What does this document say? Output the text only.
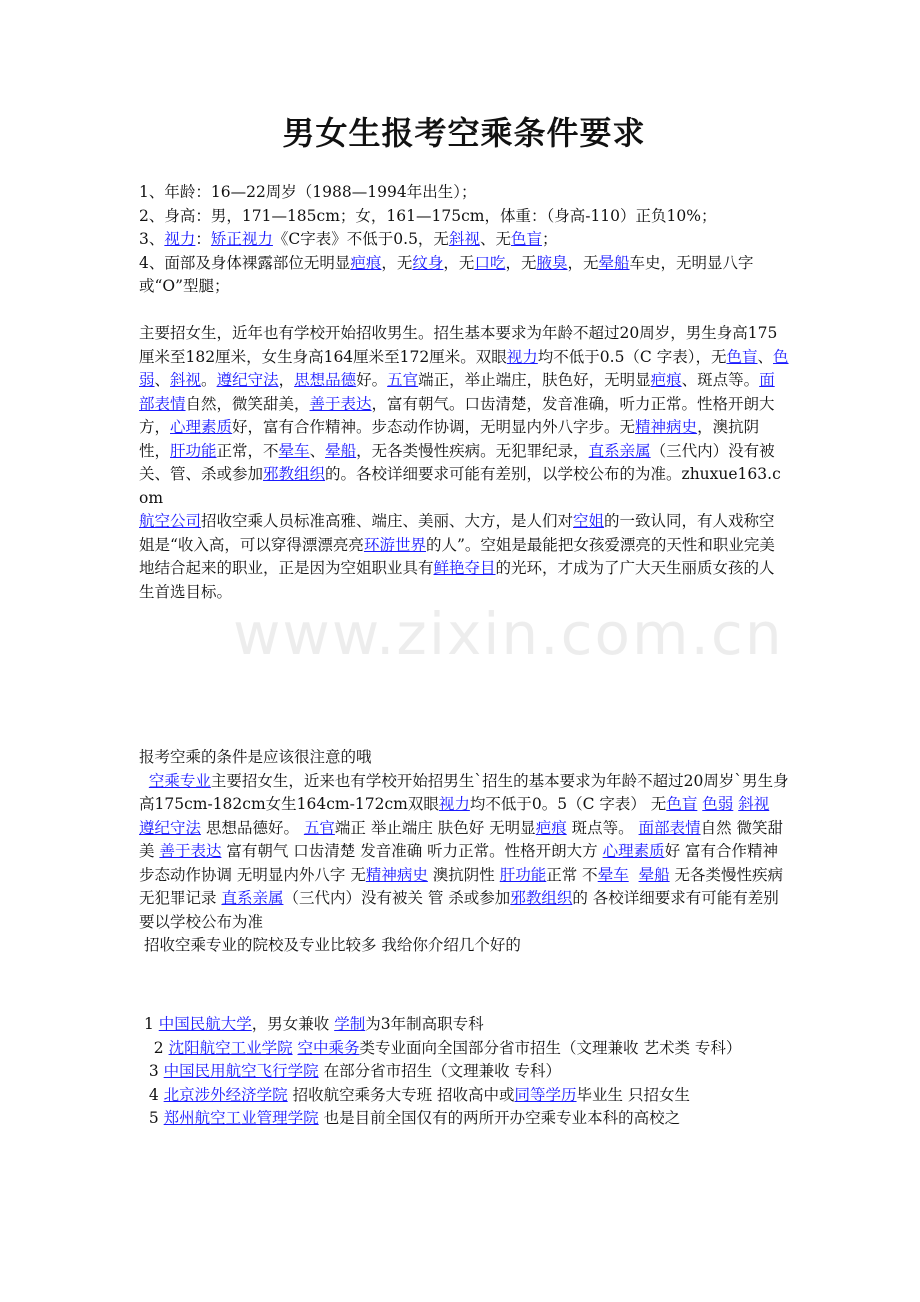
www.zixin.com.cn
男女生报考空乘条件要求

1、年龄：16—22周岁（1988—1994年出生）；

2、身高：男，171—185cm；女，161—175cm，体重：（身高-110）正负10%；

3、视力：矫正视力《C字表》不低于0.5，无斜视、无色盲；

4、面部及身体裸露部位无明显疤痕，无纹身，无口吃，无腋臭，无晕船车史，无明显八字或“O”型腿；

主要招女生，近年也有学校开始招收男生。招生基本要求为年龄不超过20周岁，男生身高175厘米至182厘米，女生身高164厘米至172厘米。双眼视力均不低于0.5（C 字表），无色盲、色弱、斜视。遵纪守法，思想品德好。五官端正，举止端庄，肤色好，无明显疤痕、斑点等。面部表情自然，微笑甜美，善于表达，富有朝气。口齿清楚，发音准确，听力正常。性格开朗大方，心理素质好，富有合作精神。步态动作协调，无明显内外八字步。无精神病史，澳抗阴性，肝功能正常，不晕车、晕船，无各类慢性疾病。无犯罪纪录，直系亲属（三代内）没有被关、管、杀或参加邪教组织的。各校详细要求可能有差别，以学校公布的为准。zhuxue163.com

航空公司招收空乘人员标准高雅、端庄、美丽、大方，是人们对空姐的一致认同，有人戏称空姐是“收入高，可以穿得漂漂亮亮环游世界的人”。空姐是最能把女孩爱漂亮的天性和职业完美地结合起来的职业，正是因为空姐职业具有鲜艳夺目的光环，才成为了广大天生丽质女孩的人生首选目标。

报考空乘的条件是应该很注意的哦

空乘专业主要招女生，近来也有学校开始招男生`招生的基本要求为年龄不超过20周岁`男生身高175cm-182cm女生164cm-172cm双眼视力均不低于0。5（C 字表） 无色盲 色弱 斜视 遵纪守法 思想品德好。 五官端正 举止端庄 肤色好 无明显疤痕 斑点等。 面部表情自然 微笑甜美 善于表达 富有朝气 口齿清楚 发音准确 听力正常。性格开朗大方 心理素质好 富有合作精神 步态动作协调 无明显内外八字 无精神病史 澳抗阴性 肝功能正常 不晕车 晕船 无各类慢性疾病 无犯罪记录 直系亲属（三代内）没有被关 管 杀或参加邪教组织的 各校详细要求有可能有差别 要以学校公布为准

招收空乘专业的院校及专业比较多 我给你介绍几个好的

1 中国民航大学，男女兼收 学制为3年制高职专科

2 沈阳航空工业学院 空中乘务类专业面向全国部分省市招生（文理兼收 艺术类 专科）

3 中国民用航空飞行学院 在部分省市招生（文理兼收 专科）

4 北京涉外经济学院 招收航空乘务大专班 招收高中或同等学历毕业生 只招女生

5 郑州航空工业管理学院 也是目前全国仅有的两所开办空乘专业本科的高校之
